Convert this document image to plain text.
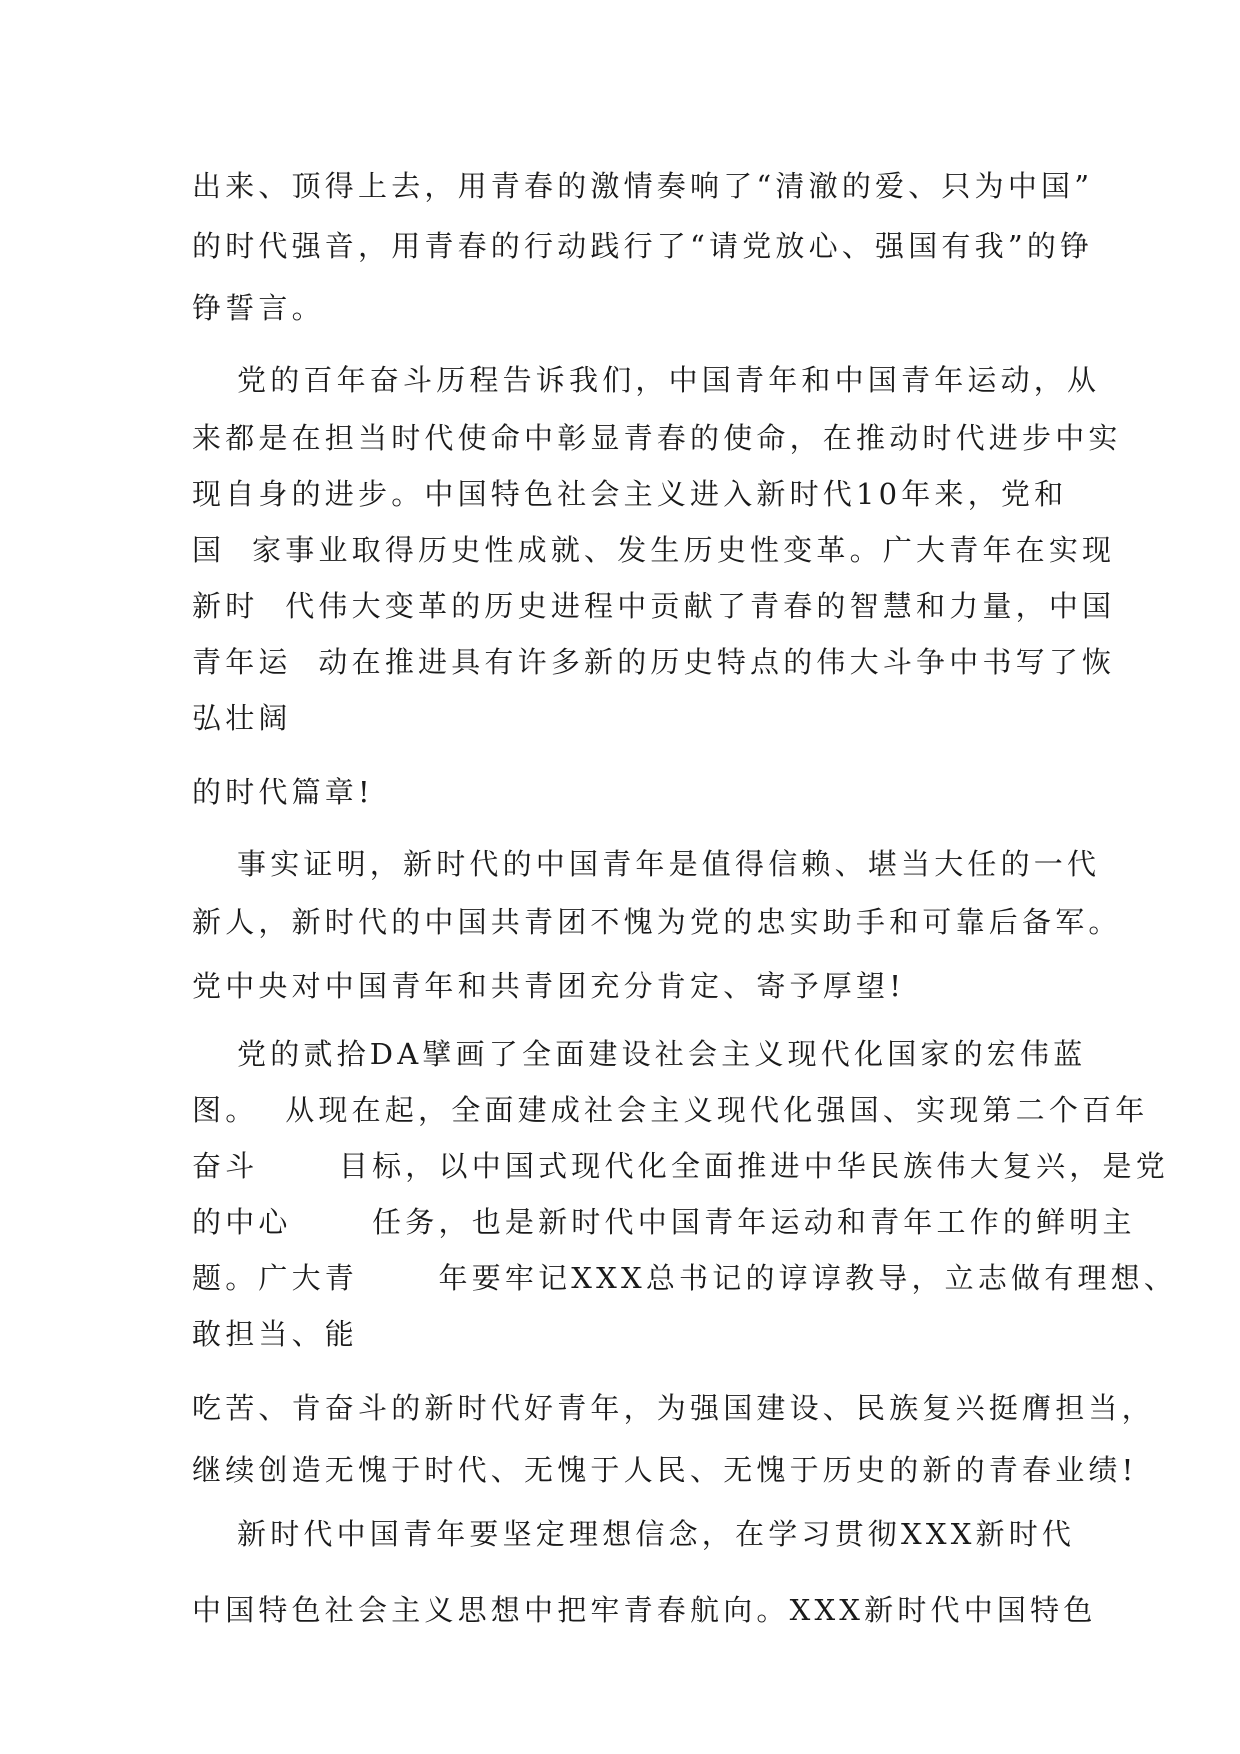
出来、顶得上去，用青春的激情奏响了“清澈的爱、只为中国”
的时代强音，用青春的行动践行了“请党放心、强国有我”的铮
铮誓言。
党的百年奋斗历程告诉我们，中国青年和中国青年运动，从
来都是在担当时代使命中彰显青春的使命，在推动时代进步中实
现自身的进步。中国特色社会主义进入新时代10年来，党和
国  家事业取得历史性成就、发生历史性变革。广大青年在实现
新时  代伟大变革的历史进程中贡献了青春的智慧和力量，中国
青年运  动在推进具有许多新的历史特点的伟大斗争中书写了恢
弘壮阔
的时代篇章!
事实证明，新时代的中国青年是值得信赖、堪当大任的一代
新人，新时代的中国共青团不愧为党的忠实助手和可靠后备军。
党中央对中国青年和共青团充分肯定、寄予厚望!
党的贰拾DA擘画了全面建设社会主义现代化国家的宏伟蓝
图。  从现在起，全面建成社会主义现代化强国、实现第二个百年
奋斗      目标，以中国式现代化全面推进中华民族伟大复兴，是党
的中心      任务，也是新时代中国青年运动和青年工作的鲜明主
题。广大青      年要牢记XXX总书记的谆谆教导，立志做有理想、
敢担当、能
吃苦、肯奋斗的新时代好青年，为强国建设、民族复兴挺膺担当，
继续创造无愧于时代、无愧于人民、无愧于历史的新的青春业绩!
新时代中国青年要坚定理想信念，在学习贯彻XXX新时代
中国特色社会主义思想中把牢青春航向。XXX新时代中国特色
